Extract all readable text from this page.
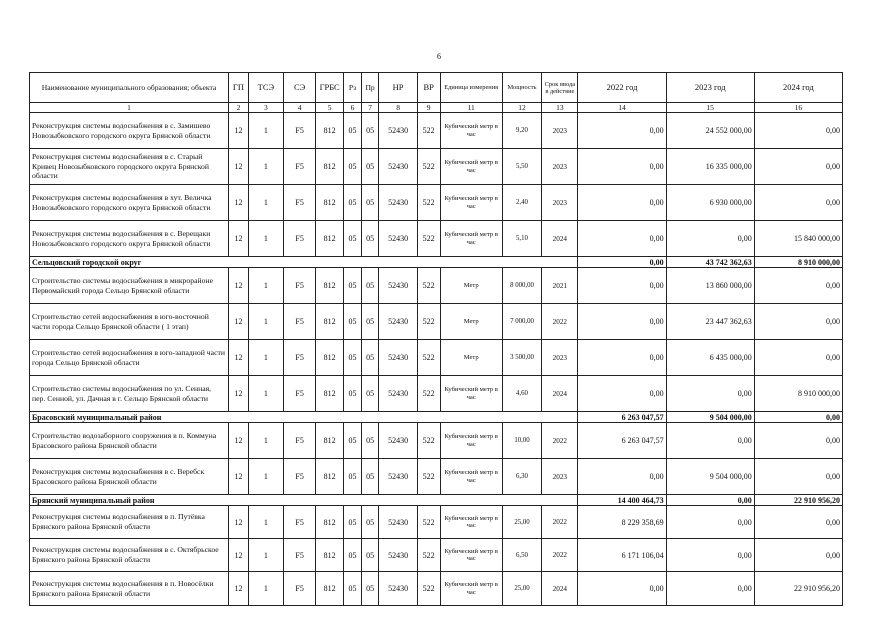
6
Наименование муниципального образования; объекта	ГП	ТСЭ	СЭ	ГРБС	Рз	Пр	НР	ВР	Единица измерения	Мощность	Срок ввода в действие	2022 год	2023 год	2024 год
1	2	3	4	5	6	7	8	9	11	12	13	14	15	16
Реконструкция системы водоснабжения в с. Замишево Новозыбковского городского округа Брянской области	12	1	F5	812	05	05	52430	522	Кубический метр в час	9,20	2023	0,00	24 552 000,00	0,00
Реконструкция системы водоснабжения в с. Старый Кривец Новозыбковского городского округа Брянской области	12	1	F5	812	05	05	52430	522	Кубический метр в час	5,50	2023	0,00	16 335 000,00	0,00
Реконструкция системы водоснабжения в хут. Величка Новозыбковского городского округа Брянской области	12	1	F5	812	05	05	52430	522	Кубический метр в час	2,40	2023	0,00	6 930 000,00	0,00
Реконструкция системы водоснабжения в с. Верещаки Новозыбковского городского округа Брянской области	12	1	F5	812	05	05	52430	522	Кубический метр в час	5,10	2024	0,00	0,00	15 840 000,00
Сельцовский городской округ												0,00	43 742 362,63	8 910 000,00
Строительство системы водоснабжения в микрорайоне Первомайский города Сельцо Брянской области	12	1	F5	812	05	05	52430	522	Метр	8 000,00	2021	0,00	13 860 000,00	0,00
Строительство сетей водоснабжения в юго-восточной части города Сельцо Брянской области ( 1 этап)	12	1	F5	812	05	05	52430	522	Метр	7 000,00	2022	0,00	23 447 362,63	0,00
Строительство сетей водоснабжения в юго-западной части города Сельцо Брянской области	12	1	F5	812	05	05	52430	522	Метр	3 500,00	2023	0,00	6 435 000,00	0,00
Строительство системы водоснабжения по ул. Сенная, пер. Сенной, ул. Дачная в г. Сельцо Брянской области	12	1	F5	812	05	05	52430	522	Кубический метр в час	4,60	2024	0,00	0,00	8 910 000,00
Брасовский муниципальный район												6 263 047,57	9 504 000,00	0,00
Строительство водозаборного сооружения в п. Коммуна Брасовского района Брянской области	12	1	F5	812	05	05	52430	522	Кубический метр в час	10,00	2022	6 263 047,57	0,00	0,00
Реконструкция системы водоснабжения в с. Веребск Брасовского района Брянской области	12	1	F5	812	05	05	52430	522	Кубический метр в час	6,30	2023	0,00	9 504 000,00	0,00
Брянский муниципальный район												14 400 464,73	0,00	22 910 956,20
Реконструкция системы водоснабжения в п. Путёвка Брянского района Брянской области	12	1	F5	812	05	05	52430	522	Кубический метр в час	25,00	2022	8 229 358,69	0,00	0,00
Реконструкция системы водоснабжения в с. Октябрьское Брянского района Брянской области	12	1	F5	812	05	05	52430	522	Кубический метр в час	6,50	2022	6 171 106,04	0,00	0,00
Реконструкция системы водоснабжения в п. Новосёлки Брянского района Брянской области	12	1	F5	812	05	05	52430	522	Кубический метр в час	25,00	2024	0,00	0,00	22 910 956,20
